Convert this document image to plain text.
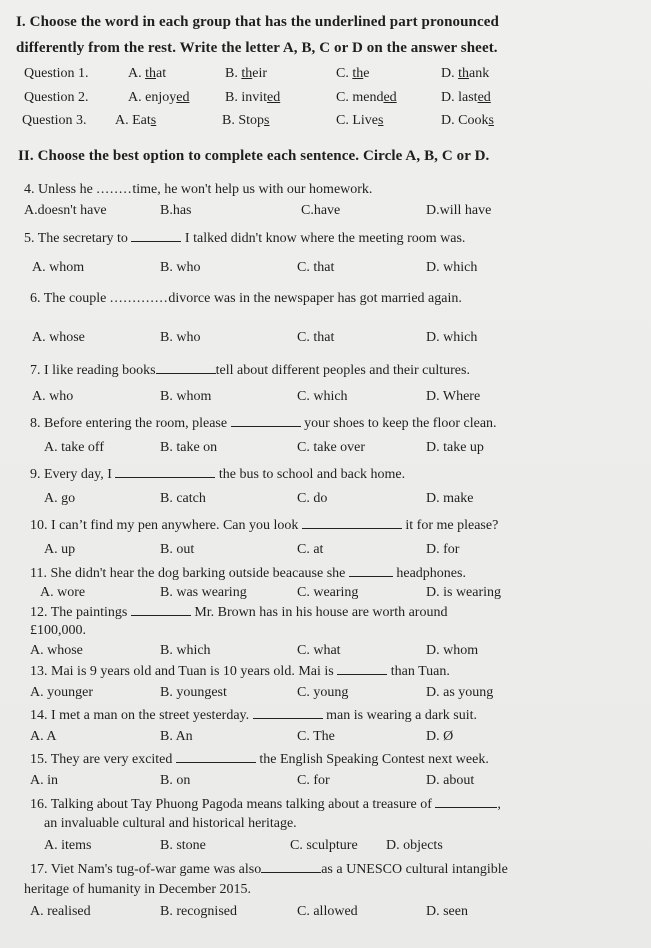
I. Choose the word in each group that has the underlined part pronounced
differently from the rest. Write the letter A, B, C or D on the answer sheet.
Question 1.	A. that	B. their	C. the	D. thank
Question 2.	A. enjoyed	B. invited	C. mended	D. lasted
Question 3. A. Eats	B. Stops	C. Lives	D. Cooks
II. Choose the best option to complete each sentence. Circle A, B, C or D.
4. Unless he ........time, he won't help us with our homework.
A.doesn't have	B.has	C.have	D.will have
5. The secretary to	I talked didn't know where the meeting room was.
A. whom	B. who	C. that	D. which
6. The couple .............divorce was in the newspaper has got married again.
A. whose	B. who	C. that	D. which
7. I like reading books	tell about different peoples and their cultures.
A. who	B. whom	C. which	D. Where
8. Before entering the room, please	your shoes to keep the floor clean.
A. take off	B. take on	C. take over	D. take up
9. Every day, I	the bus to school and back home.
A. go	B. catch	C. do	D. make
10. I can’t find my pen anywhere. Can you look	it for me please?
A. up	B. out	C. at	D. for
11. She didn't hear the dog barking outside beacause she	headphones.
A. wore	B. was wearing	C. wearing	D. is wearing
12. The paintings	Mr. Brown has in his house are worth around
£100,000.
A. whose	B. which	C. what	D. whom
13. Mai is 9 years old and Tuan is 10 years old. Mai is	than Tuan.
A. younger	B. youngest	C. young	D. as young
14. I met a man on the street yesterday.	man is wearing a dark suit.
A. A	B. An	C. The	D. Ø
15. They are very excited	the English Speaking Contest next week.
A. in	B. on	C. for	D. about
16. Talking about Tay Phuong Pagoda means talking about a treasure of	,
an invaluable cultural and historical heritage.
A. items	B. stone	C. sculpture D. objects
17. Viet Nam's tug-of-war game was also	as a UNESCO cultural intangible
heritage of humanity in December 2015.
A. realised	B. recognised	C. allowed	D. seen
